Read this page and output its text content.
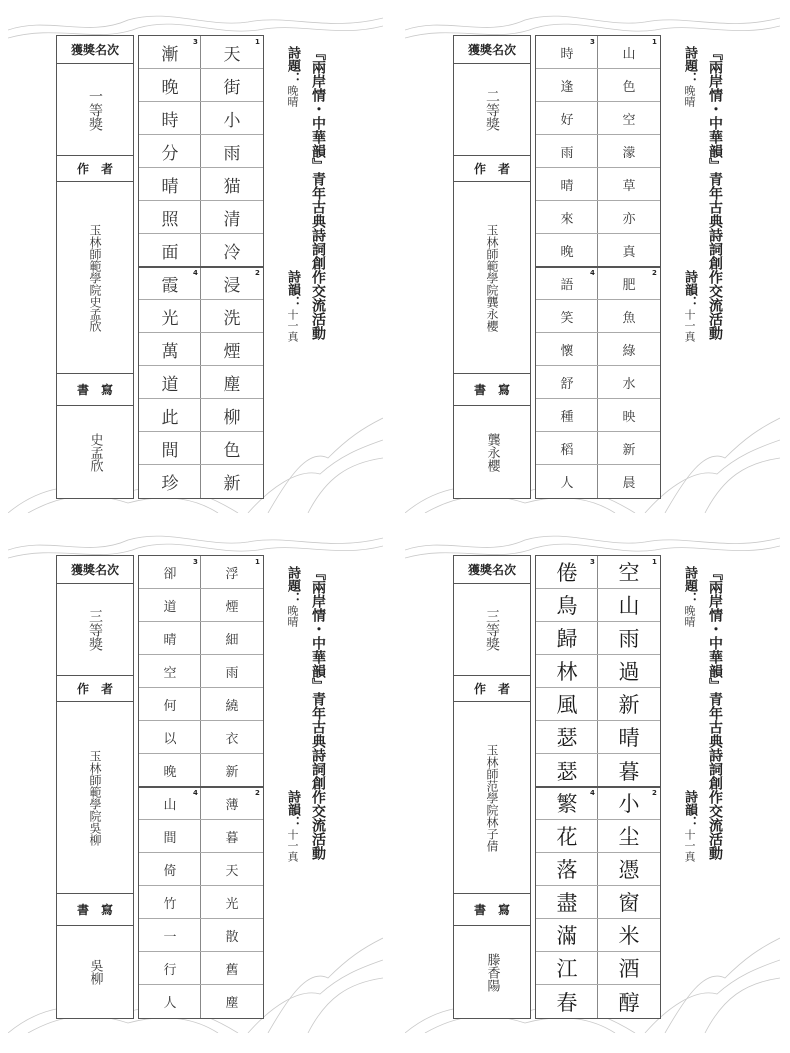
獲獎名次
一等獎
作　者
玉林師範學院史孟欣
書　寫
史孟欣
天
街
小
雨
猫
清
冷
1
浸
洗
煙
塵
柳
色
新
2
漸
晚
時
分
晴
照
面
3
霞
光
萬
道
此
間
珍
4	『兩岸情・中華韻』青年古典詩詞創作交流活動
詩題：晚晴
詩韻：十一真
獲獎名次
二等獎
作　者
玉林師範學院龔永櫻
書　寫
龔永櫻
山
色
空
濛
草
亦
真
1
肥
魚
綠
水
映
新
晨
2
時
逢
好
雨
晴
來
晚
3
語
笑
懷
舒
種
稻
人
4	『兩岸情・中華韻』青年古典詩詞創作交流活動
詩題：晚晴
詩韻：十一真
獲獎名次
三等獎
作　者
玉林師範學院吳柳
書　寫
吳柳
浮
煙
細
雨
繞
衣
新
1
薄
暮
天
光
散
舊
塵
2
卻
道
晴
空
何
以
晚
3
山
間
倚
竹
一
行
人
4	『兩岸情・中華韻』青年古典詩詞創作交流活動
詩題：晚晴
詩韻：十一真
獲獎名次
三等獎
作　者
玉林師范學院林子倩
書　寫
滕香陽
空
山
雨
過
新
晴
暮
1
小
尘
憑
窗
米
酒
醇
2
倦
鳥
歸
林
風
瑟
瑟
3
繁
花
落
盡
滿
江
春
4	『兩岸情・中華韻』青年古典詩詞創作交流活動
詩題：晚晴
詩韻：十一真
